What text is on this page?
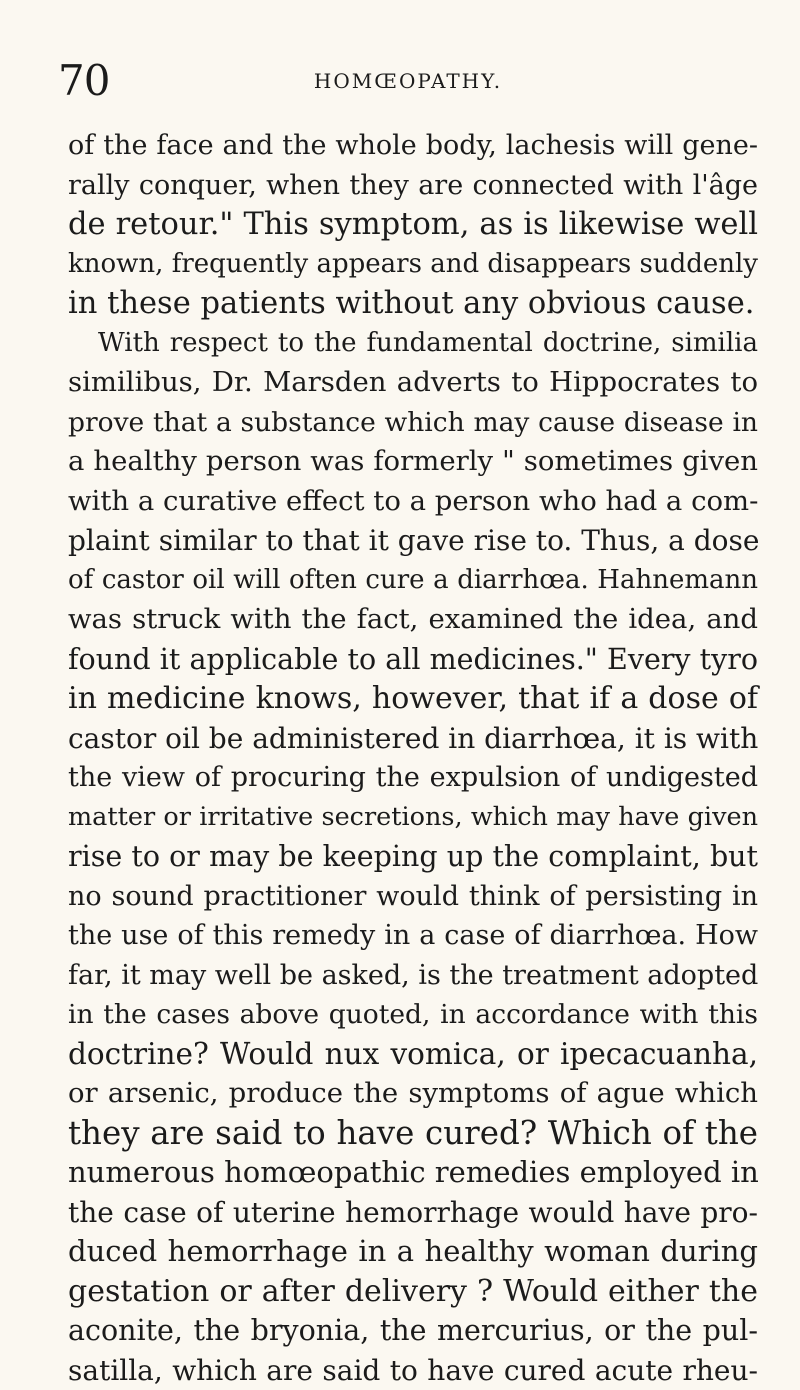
70	HOMŒOPATHY.
of the face and the whole body, lachesis will gene-
rally conquer, when they are connected with l'âge
de retour." This symptom, as is likewise well
known, frequently appears and disappears suddenly
in these patients without any obvious cause.
With respect to the fundamental doctrine, similia
similibus, Dr. Marsden adverts to Hippocrates to
prove that a substance which may cause disease in
a healthy person was formerly " sometimes given
with a curative effect to a person who had a com-
plaint similar to that it gave rise to. Thus, a dose
of castor oil will often cure a diarrhœa. Hahnemann
was struck with the fact, examined the idea, and
found it applicable to all medicines." Every tyro
in medicine knows, however, that if a dose of
castor oil be administered in diarrhœa, it is with
the view of procuring the expulsion of undigested
matter or irritative secretions, which may have given
rise to or may be keeping up the complaint, but
no sound practitioner would think of persisting in
the use of this remedy in a case of diarrhœa. How
far, it may well be asked, is the treatment adopted
in the cases above quoted, in accordance with this
doctrine? Would nux vomica, or ipecacuanha,
or arsenic, produce the symptoms of ague which
they are said to have cured? Which of the
numerous homœopathic remedies employed in
the case of uterine hemorrhage would have pro-
duced hemorrhage in a healthy woman during
gestation or after delivery ? Would either the
aconite, the bryonia, the mercurius, or the pul-
satilla, which are said to have cured acute rheu-
